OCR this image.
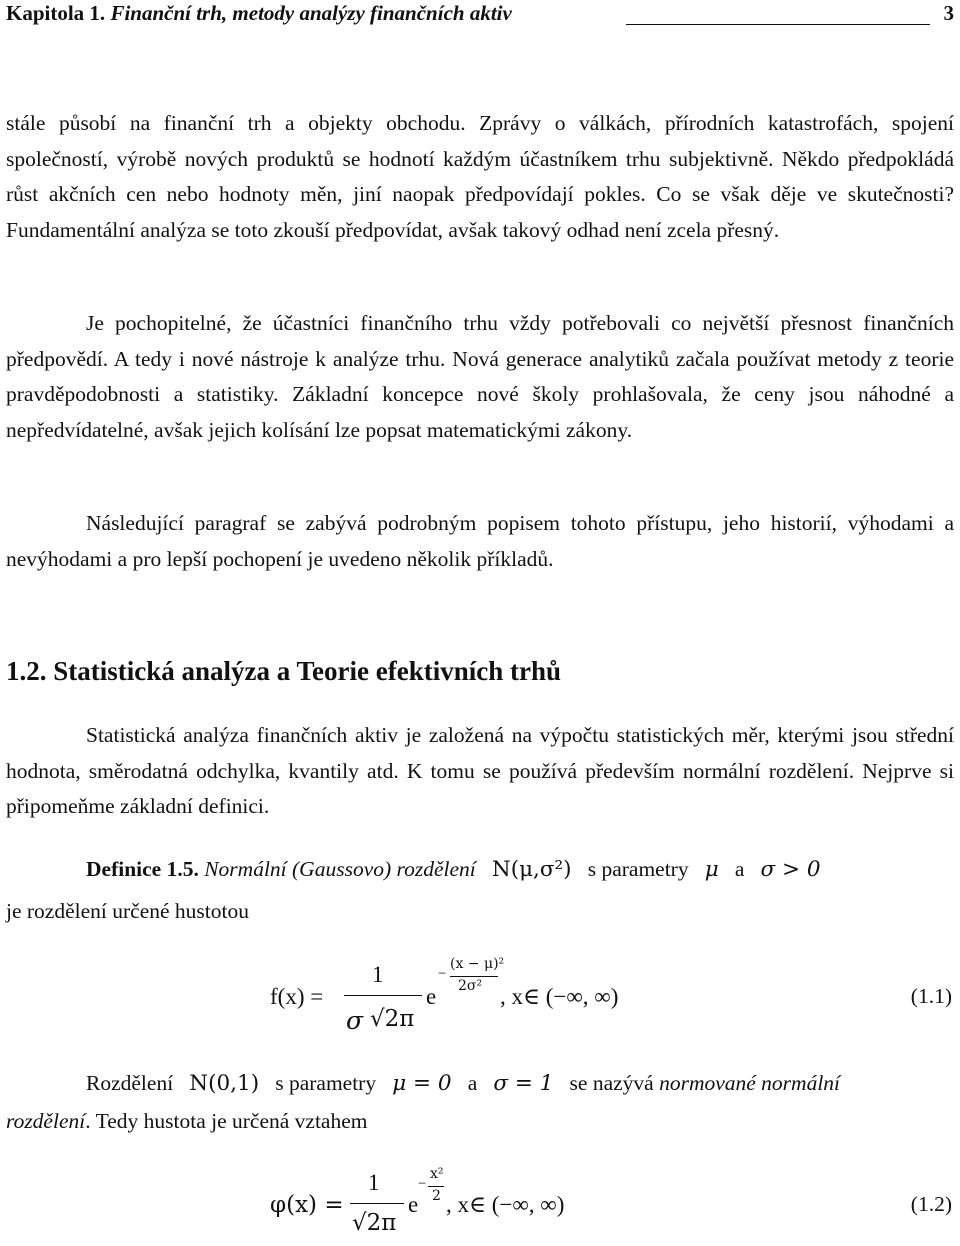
Kapitola 1. Finanční trh, metody analýzy finančních aktiv	3
stále působí na finanční trh a objekty obchodu. Zprávy o válkách, přírodních katastrofách, spojení společností, výrobě nových produktů se hodnotí každým účastníkem trhu subjektivně. Někdo předpokládá růst akčních cen nebo hodnoty měn, jiní naopak předpovídají pokles. Co se však děje ve skutečnosti? Fundamentální analýza se toto zkouší předpovídat, avšak takový odhad není zcela přesný.
Je pochopitelné, že účastníci finančního trhu vždy potřebovali co největší přesnost finančních předpovědí. A tedy i nové nástroje k analýze trhu. Nová generace analytiků začala používat metody z teorie pravděpodobnosti a statistiky. Základní koncepce nové školy prohlašovala, že ceny jsou náhodné a nepředvídatelné, avšak jejich kolísání lze popsat matematickými zákony.
Následující paragraf se zabývá podrobným popisem tohoto přístupu, jeho historií, výhodami a nevýhodami a pro lepší pochopení je uvedeno několik příkladů.
1.2. Statistická analýza a Teorie efektivních trhů
Statistická analýza finančních aktiv je založená na výpočtu statistických měr, kterými jsou střední hodnota, směrodatná odchylka, kvantily atd. K tomu se používá především normální rozdělení. Nejprve si připomeňme základní definici.
Definice 1.5. Normální (Gaussovo) rozdělení N(μ,σ²) s parametry μ a σ > 0
je rozdělení určené hustotou
f(x) =
1
σ √2π
e
−
(x − μ)²
2σ² , x∈ (−∞, ∞)	(1.1)
Rozdělení N(0,1) s parametry μ = 0 a σ = 1 se nazývá normované normální
rozdělení. Tedy hustota je určená vztahem
φ(x) =
1
√2π
e
−
x²
2 , x∈ (−∞, ∞)	(1.2)
